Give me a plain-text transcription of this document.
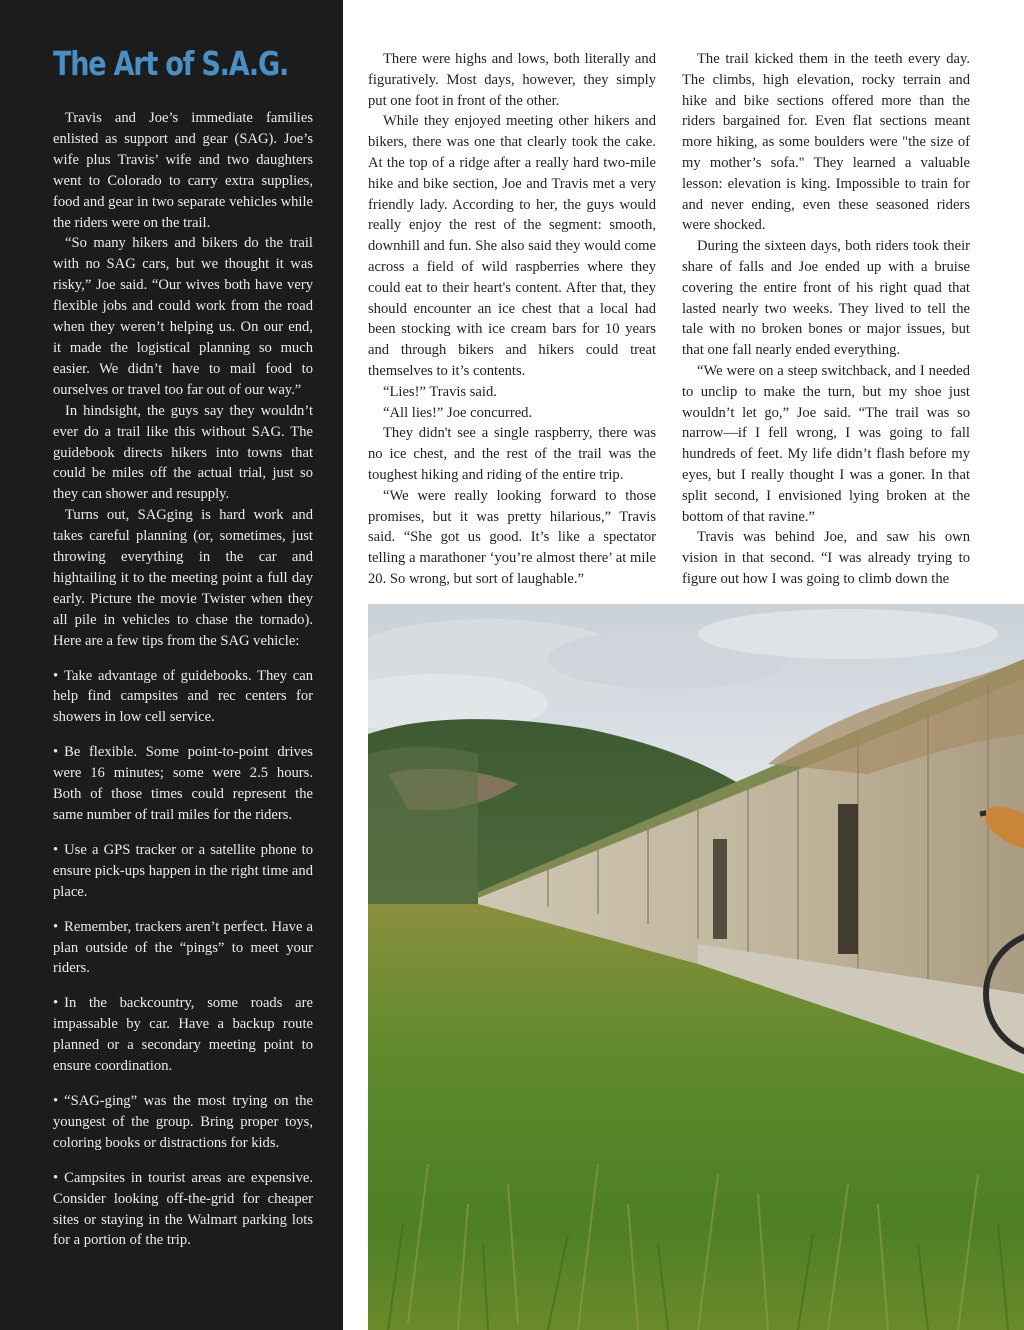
The Art of S.A.G.

Travis and Joe’s immediate families enlisted as support and gear (SAG). Joe’s wife plus Travis’ wife and two daughters went to Colorado to carry extra supplies, food and gear in two separate vehicles while the riders were on the trail.

“So many hikers and bikers do the trail with no SAG cars, but we thought it was risky,” Joe said. “Our wives both have very flexible jobs and could work from the road when they weren’t helping us. On our end, it made the logistical planning so much easier. We didn’t have to mail food to ourselves or travel too far out of our way.”

In hindsight, the guys say they wouldn’t ever do a trail like this without SAG. The guidebook directs hikers into towns that could be miles off the actual trial, just so they can shower and resupply.

Turns out, SAGging is hard work and takes careful planning (or, sometimes, just throwing everything in the car and hightailing it to the meeting point a full day early. Picture the movie Twister when they all pile in vehicles to chase the tornado). Here are a few tips from the SAG vehicle:

• Take advantage of guidebooks. They can help find campsites and rec centers for showers in low cell service.
• Be flexible. Some point-to-point drives were 16 minutes; some were 2.5 hours. Both of those times could represent the same number of trail miles for the riders.
• Use a GPS tracker or a satellite phone to ensure pick-ups happen in the right time and place.
• Remember, trackers aren’t perfect. Have a plan outside of the “pings” to meet your riders.
• In the backcountry, some roads are impassable by car. Have a backup route planned or a secondary meeting point to ensure coordination.
• “SAG-ging” was the most trying on the youngest of the group. Bring proper toys, coloring books or distractions for kids.
• Campsites in tourist areas are expensive. Consider looking off-the-grid for cheaper sites or staying in the Walmart parking lots for a portion of the trip.

There were highs and lows, both literally and figuratively. Most days, however, they simply put one foot in front of the other.

While they enjoyed meeting other hikers and bikers, there was one that clearly took the cake. At the top of a ridge after a really hard two-mile hike and bike section, Joe and Travis met a very friendly lady. According to her, the guys would really enjoy the rest of the segment: smooth, downhill and fun. She also said they would come across a field of wild raspberries where they could eat to their heart's content. After that, they should encounter an ice chest that a local had been stocking with ice cream bars for 10 years and through bikers and hikers could treat themselves to it’s contents.

“Lies!” Travis said.

“All lies!” Joe concurred.

They didn't see a single raspberry, there was no ice chest, and the rest of the trail was the toughest hiking and riding of the entire trip.

“We were really looking forward to those promises, but it was pretty hilarious,” Travis said. “She got us good. It’s like a spectator telling a marathoner ‘you’re almost there’ at mile 20. So wrong, but sort of laughable.”

The trail kicked them in the teeth every day. The climbs, high elevation, rocky terrain and hike and bike sections offered more than the riders bargained for. Even flat sections meant more hiking, as some boulders were "the size of my mother’s sofa." They learned a valuable lesson: elevation is king. Impossible to train for and never ending, even these seasoned riders were shocked.

During the sixteen days, both riders took their share of falls and Joe ended up with a bruise covering the entire front of his right quad that lasted nearly two weeks. They lived to tell the tale with no broken bones or major issues, but that one fall nearly ended everything.

“We were on a steep switchback, and I needed to unclip to make the turn, but my shoe just wouldn’t let go,” Joe said. “The trail was so narrow—if I fell wrong, I was going to fall hundreds of feet. My life didn’t flash before my eyes, but I really thought I was a goner. In that split second, I envisioned lying broken at the bottom of that ravine.”

Travis was behind Joe, and saw his own vision in that second. “I was already trying to figure out how I was going to climb down the
